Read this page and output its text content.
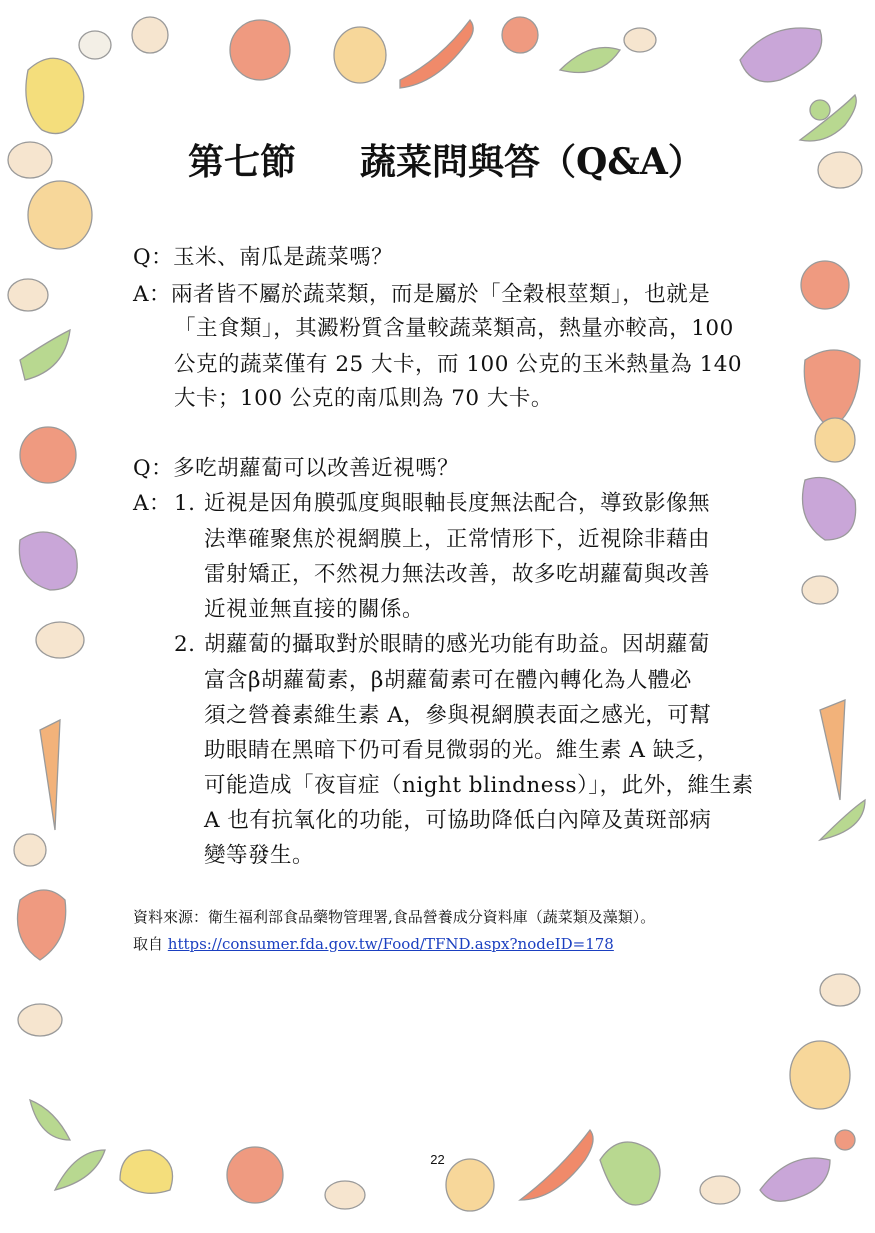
第七節 蔬菜問與答（Q&A）
Q：玉米、南瓜是蔬菜嗎？
A：兩者皆不屬於蔬菜類，而是屬於「全穀根莖類」，也就是
「主食類」，其澱粉質含量較蔬菜類高，熱量亦較高，100
公克的蔬菜僅有 25 大卡，而 100 公克的玉米熱量為 140
大卡；100 公克的南瓜則為 70 大卡。
Q：多吃胡蘿蔔可以改善近視嗎？
A： 1. 近視是因角膜弧度與眼軸長度無法配合，導致影像無
法準確聚焦於視網膜上，正常情形下，近視除非藉由
雷射矯正，不然視力無法改善，故多吃胡蘿蔔與改善
近視並無直接的關係。
2. 胡蘿蔔的攝取對於眼睛的感光功能有助益。因胡蘿蔔
富含β胡蘿蔔素，β胡蘿蔔素可在體內轉化為人體必
須之營養素維生素 A，參與視網膜表面之感光，可幫
助眼睛在黑暗下仍可看見微弱的光。維生素 A 缺乏，
可能造成「夜盲症（night blindness）」，此外，維生素
A 也有抗氧化的功能，可協助降低白內障及黃斑部病
變等發生。
資料來源：衛生福利部食品藥物管理署,食品營養成分資料庫（蔬菜類及藻類）。
取自 https://consumer.fda.gov.tw/Food/TFND.aspx?nodeID=178
22
